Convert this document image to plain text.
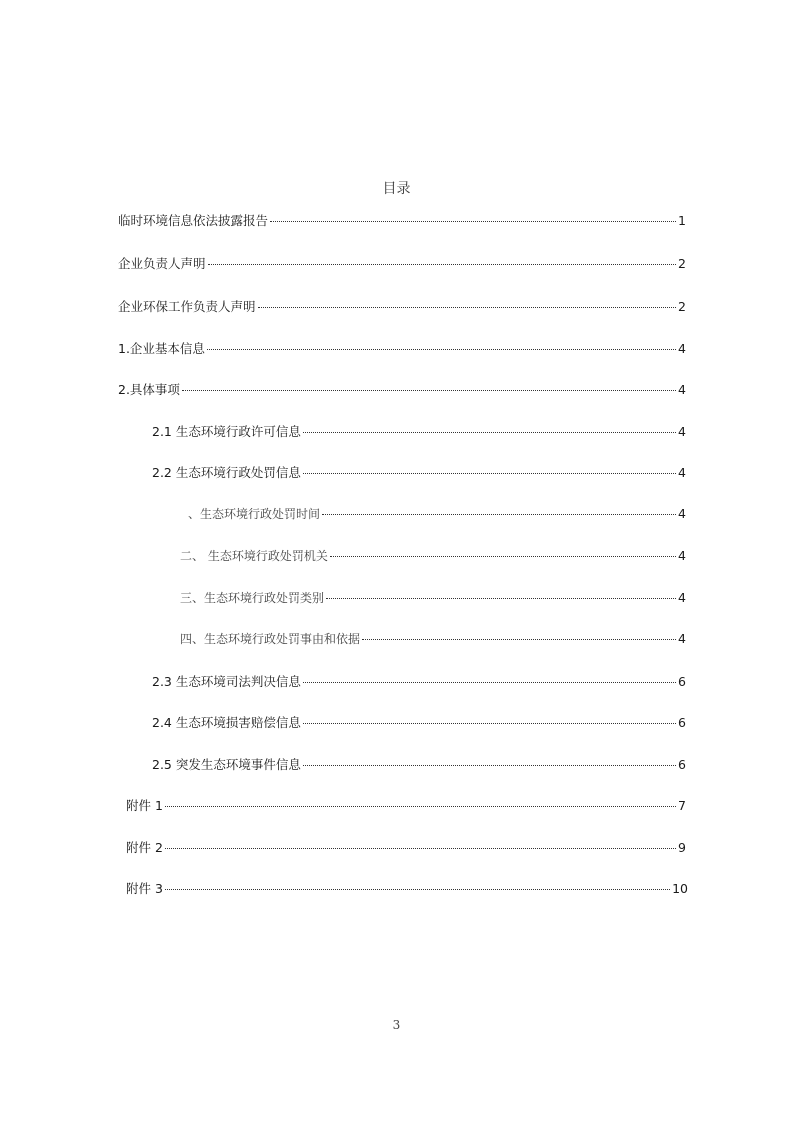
目录
临时环境信息依法披露报告	1
企业负责人声明	2
企业环保工作负责人声明	2
1.企业基本信息	4
2.具体事项	4
2.1 生态环境行政许可信息	4
2.2 生态环境行政处罚信息	4
、生态环境行政处罚时间	4
二、 生态环境行政处罚机关	4
三、生态环境行政处罚类别	4
四、生态环境行政处罚事由和依据	4
2.3 生态环境司法判决信息	6
2.4 生态环境损害赔偿信息	6
2.5 突发生态环境事件信息	6
附件 1	7
附件 2	9
附件 3	10
3
